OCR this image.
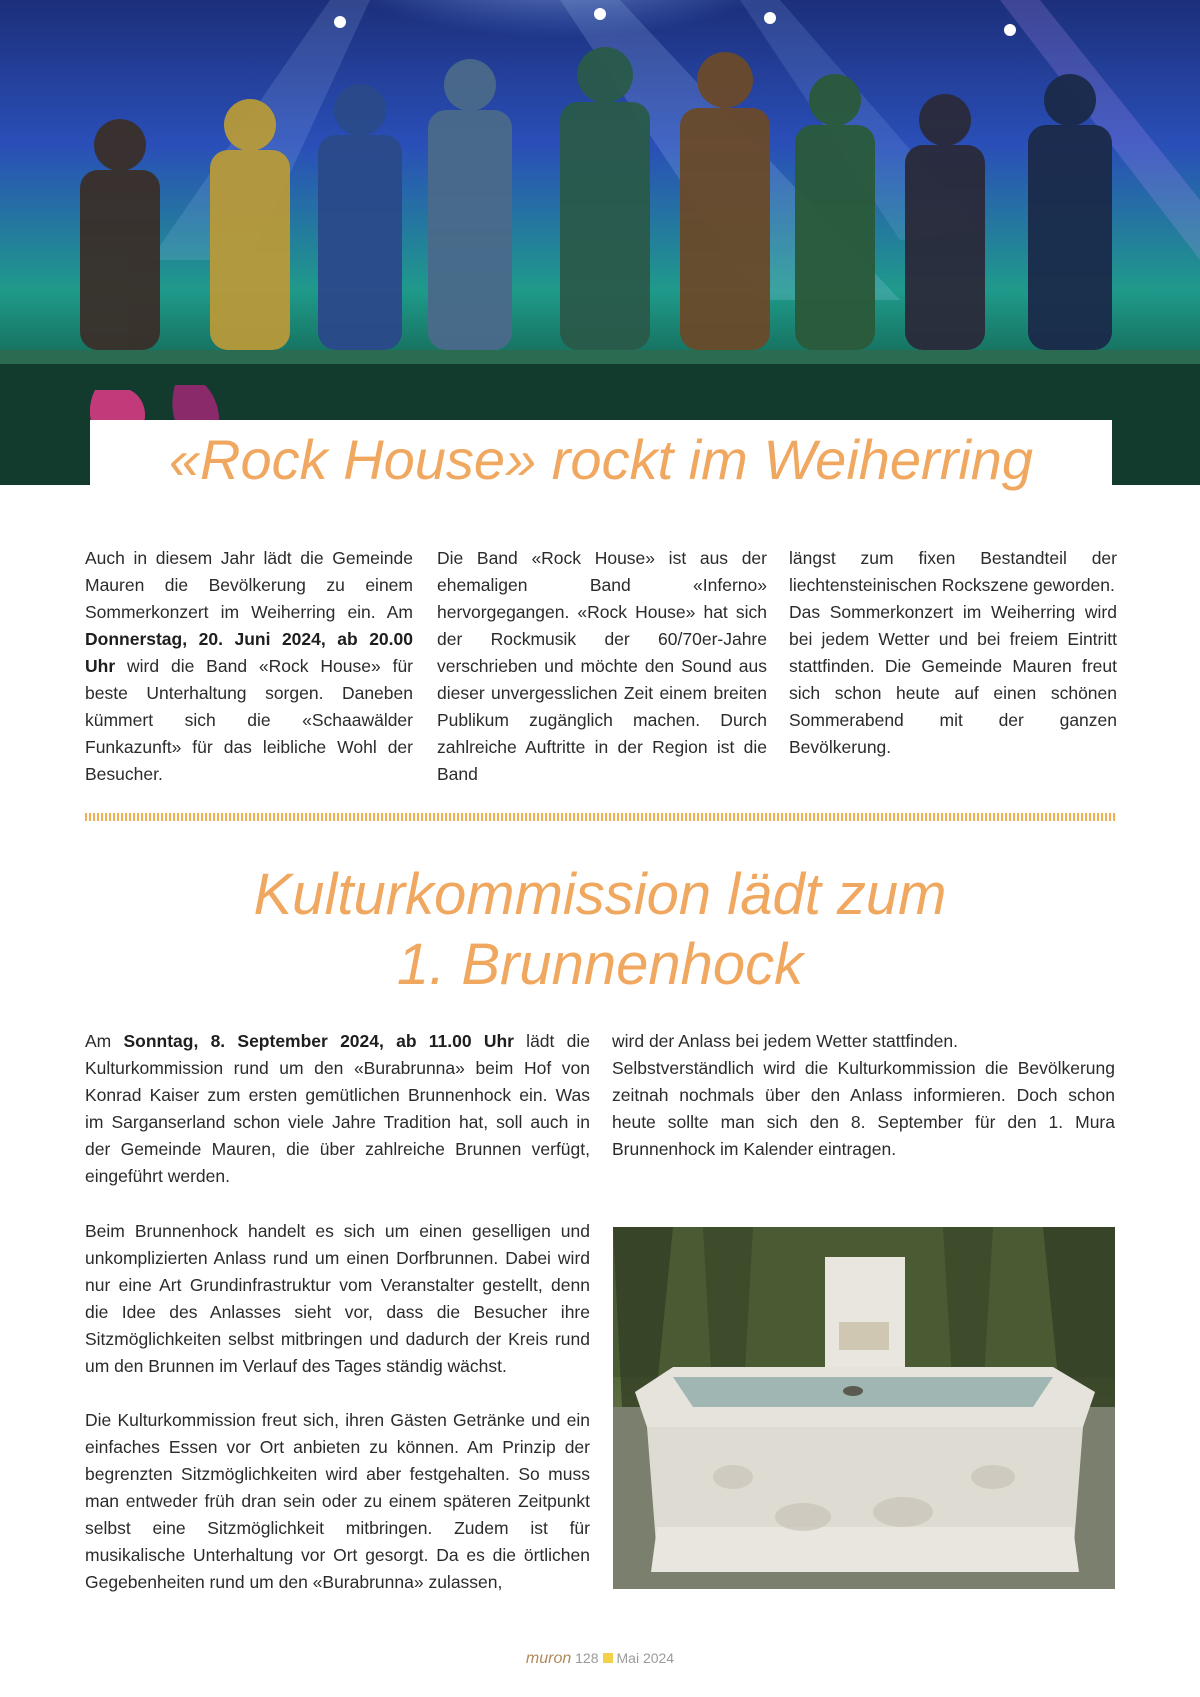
«Rock House» rockt im Weiherring

Auch in diesem Jahr lädt die Gemeinde Mauren die Bevölkerung zu einem Sommerkonzert im Weiherring ein. Am Donnerstag, 20. Juni 2024, ab 20.00 Uhr wird die Band «Rock House» für beste Unterhaltung sorgen. Daneben kümmert sich die «Schaawälder Funkazunft» für das leibliche Wohl der Besucher.

Die Band «Rock House» ist aus der ehemaligen Band «Inferno» hervorgegangen. «Rock House» hat sich der Rockmusik der 60/70er-Jahre verschrieben und möchte den Sound aus dieser unvergesslichen Zeit einem breiten Publikum zugänglich machen. Durch zahlreiche Auftritte in der Region ist die Band

längst zum fixen Bestandteil der liechtensteinischen Rockszene geworden.
Das Sommerkonzert im Weiherring wird bei jedem Wetter und bei freiem Eintritt stattfinden. Die Gemeinde Mauren freut sich schon heute auf einen schönen Sommerabend mit der ganzen Bevölkerung.
Kulturkommission lädt zum
1. Brunnenhock

Am Sonntag, 8. September 2024, ab 11.00 Uhr lädt die Kulturkommission rund um den «Burabrunna» beim Hof von Konrad Kaiser zum ersten gemütlichen Brunnenhock ein. Was im Sarganserland schon viele Jahre Tradition hat, soll auch in der Gemeinde Mauren, die über zahlreiche Brunnen verfügt, eingeführt werden.

Beim Brunnenhock handelt es sich um einen geselligen und unkomplizierten Anlass rund um einen Dorfbrunnen. Dabei wird nur eine Art Grundinfrastruktur vom Veranstalter gestellt, denn die Idee des Anlasses sieht vor, dass die Besucher ihre Sitzmöglichkeiten selbst mitbringen und dadurch der Kreis rund um den Brunnen im Verlauf des Tages ständig wächst.

Die Kulturkommission freut sich, ihren Gästen Getränke und ein einfaches Essen vor Ort anbieten zu können. Am Prinzip der begrenzten Sitzmöglichkeiten wird aber festgehalten. So muss man entweder früh dran sein oder zu einem späteren Zeitpunkt selbst eine Sitzmöglichkeit mitbringen. Zudem ist für musikalische Unterhaltung vor Ort gesorgt. Da es die örtlichen Gegebenheiten rund um den «Burabrunna» zulassen,

wird der Anlass bei jedem Wetter stattfinden.
Selbstverständlich wird die Kulturkommission die Bevölkerung zeitnah nochmals über den Anlass informieren. Doch schon heute sollte man sich den 8. September für den 1. Mura Brunnenhock im Kalender eintragen.
muron 128 Mai 2024
